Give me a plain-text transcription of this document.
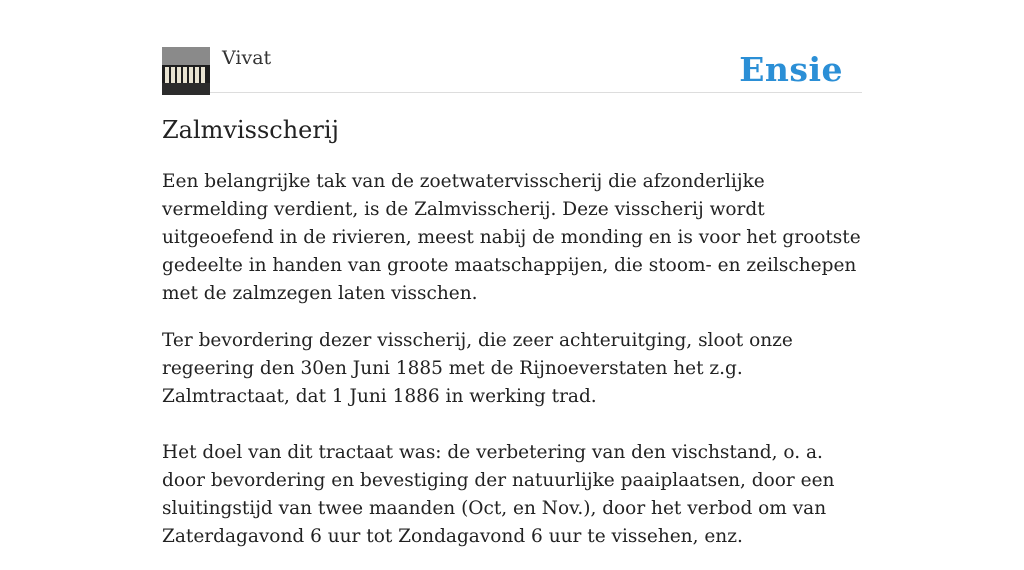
Vivat	Ensie
Zalmvisscherij

Een belangrijke tak van de zoetwatervisscherij die afzonderlijke vermelding verdient, is de Zalmvisscherij. Deze visscherij wordt uitgeoefend in de rivieren, meest nabij de monding en is voor het grootste gedeelte in handen van groote maatschappijen, die stoom- en zeilschepen met de zalmzegen laten visschen.

Ter bevordering dezer visscherij, die zeer achteruitging, sloot onze regeering den 30en Juni 1885 met de Rijnoeverstaten het z.g. Zalmtractaat, dat 1 Juni 1886 in werking trad.

Het doel van dit tractaat was: de verbetering van den vischstand, o. a. door bevordering en bevestiging der natuurlijke paaiplaatsen, door een sluitingstijd van twee maanden (Oct, en Nov.), door het verbod om van Zaterdagavond 6 uur tot Zondagavond 6 uur te vissehen, enz.
